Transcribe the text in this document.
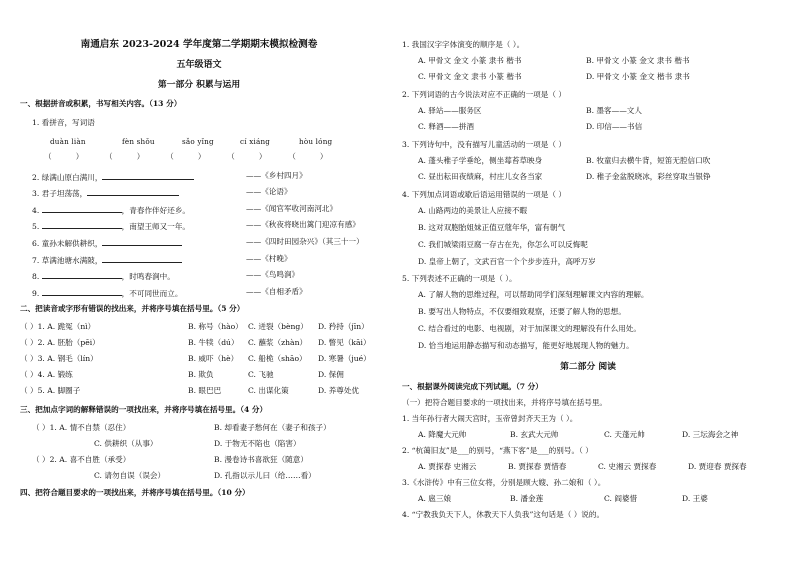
南通启东 2023-2024 学年度第二学期期末模拟检测卷
五年级语文
第一部分 积累与运用
一、根据拼音或积累，书写相关内容。（13 分）
1. 看拼音，写词语
duàn liàn	fèn shǒu	sǎo yǐng	cí xiáng	hòu lóng
（          ）         （          ）         （          ）         （          ）         （          ）
2. 绿满山原白满川，	——《乡村四月》
3. 君子坦荡荡，	——《论语》
4.	，青春作伴好还乡。	——《闻官军收河南河北》
5.	，南望王师又一年。	——《秋夜将晓出篱门迎凉有感》
6. 童孙未解供耕织，	——《四时田园杂兴》（其三十一）
7. 草满池塘水满陂，	——《村晚》
8.	，时鸣春涧中。	——《鸟鸣涧》
9.	，不可同世而立。	——《自相矛盾》
二、把读音或字形有错误的找出来，并将序号填在括号里。（5 分）
（ ）1. A. 跪冤（nì）	B. 称号（hào） C. 迸裂（bèng） D. 矜持（jīn）
（ ）2. A. 胚胎（pēi）	B. 牛犊（dú） C. 蘸浆（zhàn） D. 瞥见（kāi）
（ ）3. A. 钢毛（lín）	B. 威吓（hè） C. 船桅（shāo） D. 寒暑（jué）
（ ）4. A. 锻练	B. 欺负	C. 飞驰	D. 保佣
（ ）5. A. 脚圈子	B. 眼巴巴	C. 出谋化策	D. 养尊处优
三、把加点字词的解释错误的一项找出来，并将序号填在括号里。（4 分）
（ ）1. A. 情不自禁（忍住）	B. 却看妻子愁何在（妻子和孩子）
C. 供耕织（从事）	D. 于物无不陷也（陷害）
（ ）2. A. 喜不自胜（承受）	B. 漫卷诗书喜欲狂（随意）
C. 请勿自误（误会）	D. 孔指以示儿曰（给……看）
四、把符合题目要求的一项找出来，并将序号填在括号里。（10 分）
1. 我国汉字字体演变的顺序是（ ）。
A. 甲骨文 金文 小篆 隶书 楷书	B. 甲骨文 小篆 金文 隶书 楷书
C. 甲骨文 金文 隶书 小篆 楷书	D. 甲骨文 小篆 金文 楷书 隶书
2. 下列词语的古今说法对应不正确的一项是（ ）
A. 驿站——服务区	B. 墨客——文人
C. 释酒——拼酒	D. 印信——书信
3. 下列诗句中，没有描写儿童活动的一项是（ ）
A. 蓬头稚子学垂纶，侧坐莓苔草映身	B. 牧童归去横牛背，短笛无腔信口吹
C. 昼出耘田夜绩麻，村庄儿女各当家	D. 稚子金盆脱晓冰，彩丝穿取当银铮
4. 下列加点词语或歇后语运用错误的一项是（ ）
A. 山路两边的美景让人应接不暇
B. 这对双胞胎姐妹正值豆蔻年华，富有朝气
C. 我们城梁雨豆腐一存古在先，你怎么可以反悔呢
D. 皇帝上朝了，文武百官一个个步步连升，高呼万岁
5. 下列表述不正确的一项是（ ）。
A. 了解人物的思维过程，可以帮助同学们深刻理解课文内容的理解。
B. 要写出人物特点，不仅要细致观察，还要了解人物的思想。
C. 结合看过的电影、电视剧，对于加深课文的理解没有什么用处。
D. 恰当地运用静态描写和动态描写，能更好地展现人物的魅力。
第二部分 阅读
一、根据课外阅读完成下列试题。（7 分）
（一）把符合题目要求的一项找出来，并将序号填在括号里。
1. 当年孙行者大闹天宫时，玉帝曾封齐天王为（ ）。
A. 降魔大元帅	B. 玄武大元帅	C. 天蓬元帅	D. 三坛海会之神
2. “杭蔼旧友”是___的别号，“燕下客”是___的别号。（ ）
A. 贾探春 史湘云	B. 贾探春 贾惜春	C. 史湘云 贾探春	D. 贾迎春 贾探春
3.《水浒传》中有三位女将，分别是顾大嫂、孙二娘和（ ）。
A. 扈三娘	B. 潘金莲	C. 阎婆惜	D. 王婆
4. “宁教我负天下人，休教天下人负我”这句话是（ ）说的。
